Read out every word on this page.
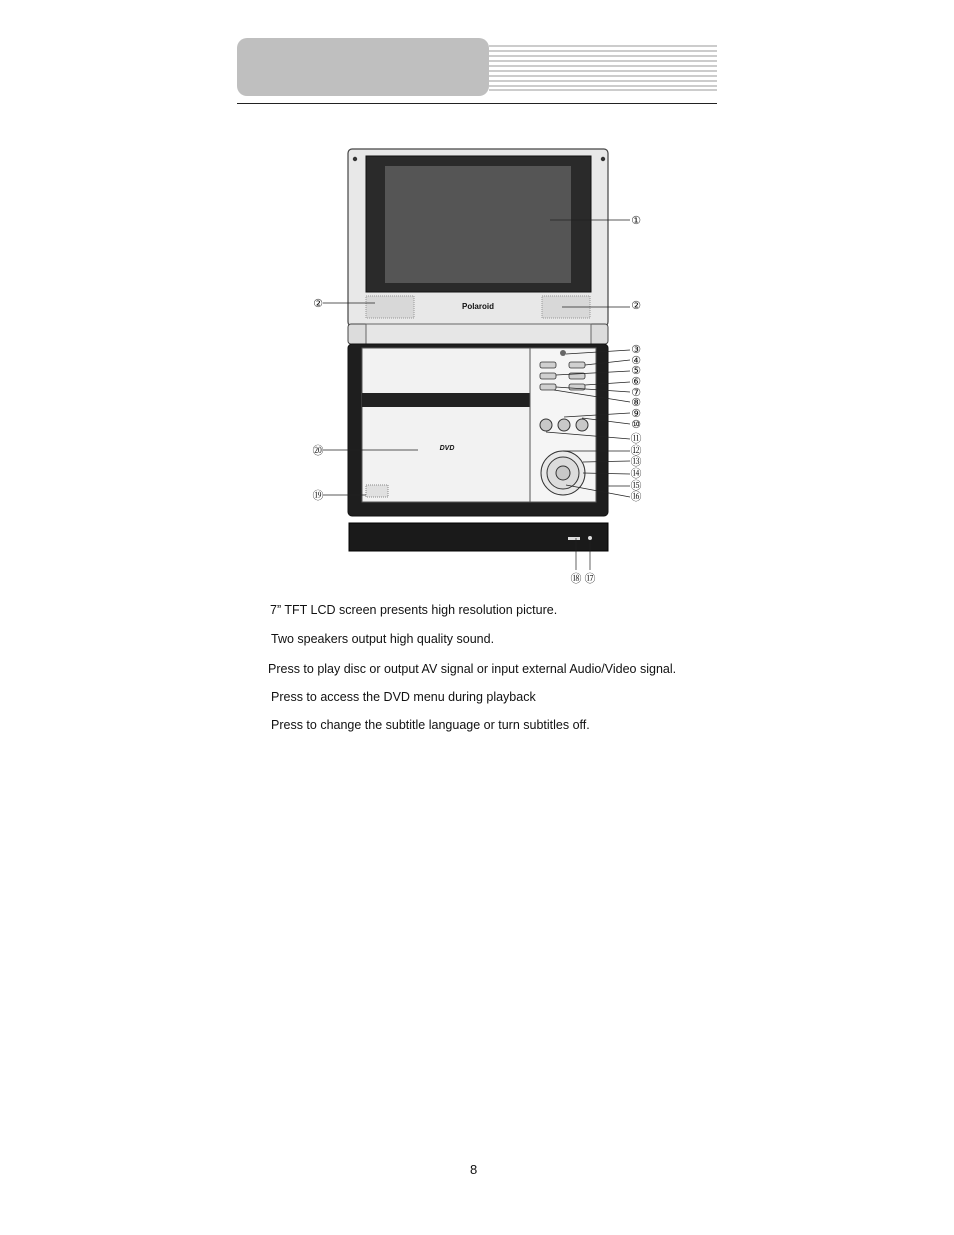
Polaroid
DVD
①
②	②
③
④
⑤
⑥
⑦
⑧
⑨
⑩
⑪
⑫
⑬
⑭
⑮
⑯
⑰
⑱
⑲
⑳
7” TFT LCD screen presents high resolution picture.
Two speakers output high quality sound.
Press to play disc or output AV signal or input external Audio/Video signal.
Press to access the DVD menu during playback
Press to change the subtitle language or turn subtitles off.
8
